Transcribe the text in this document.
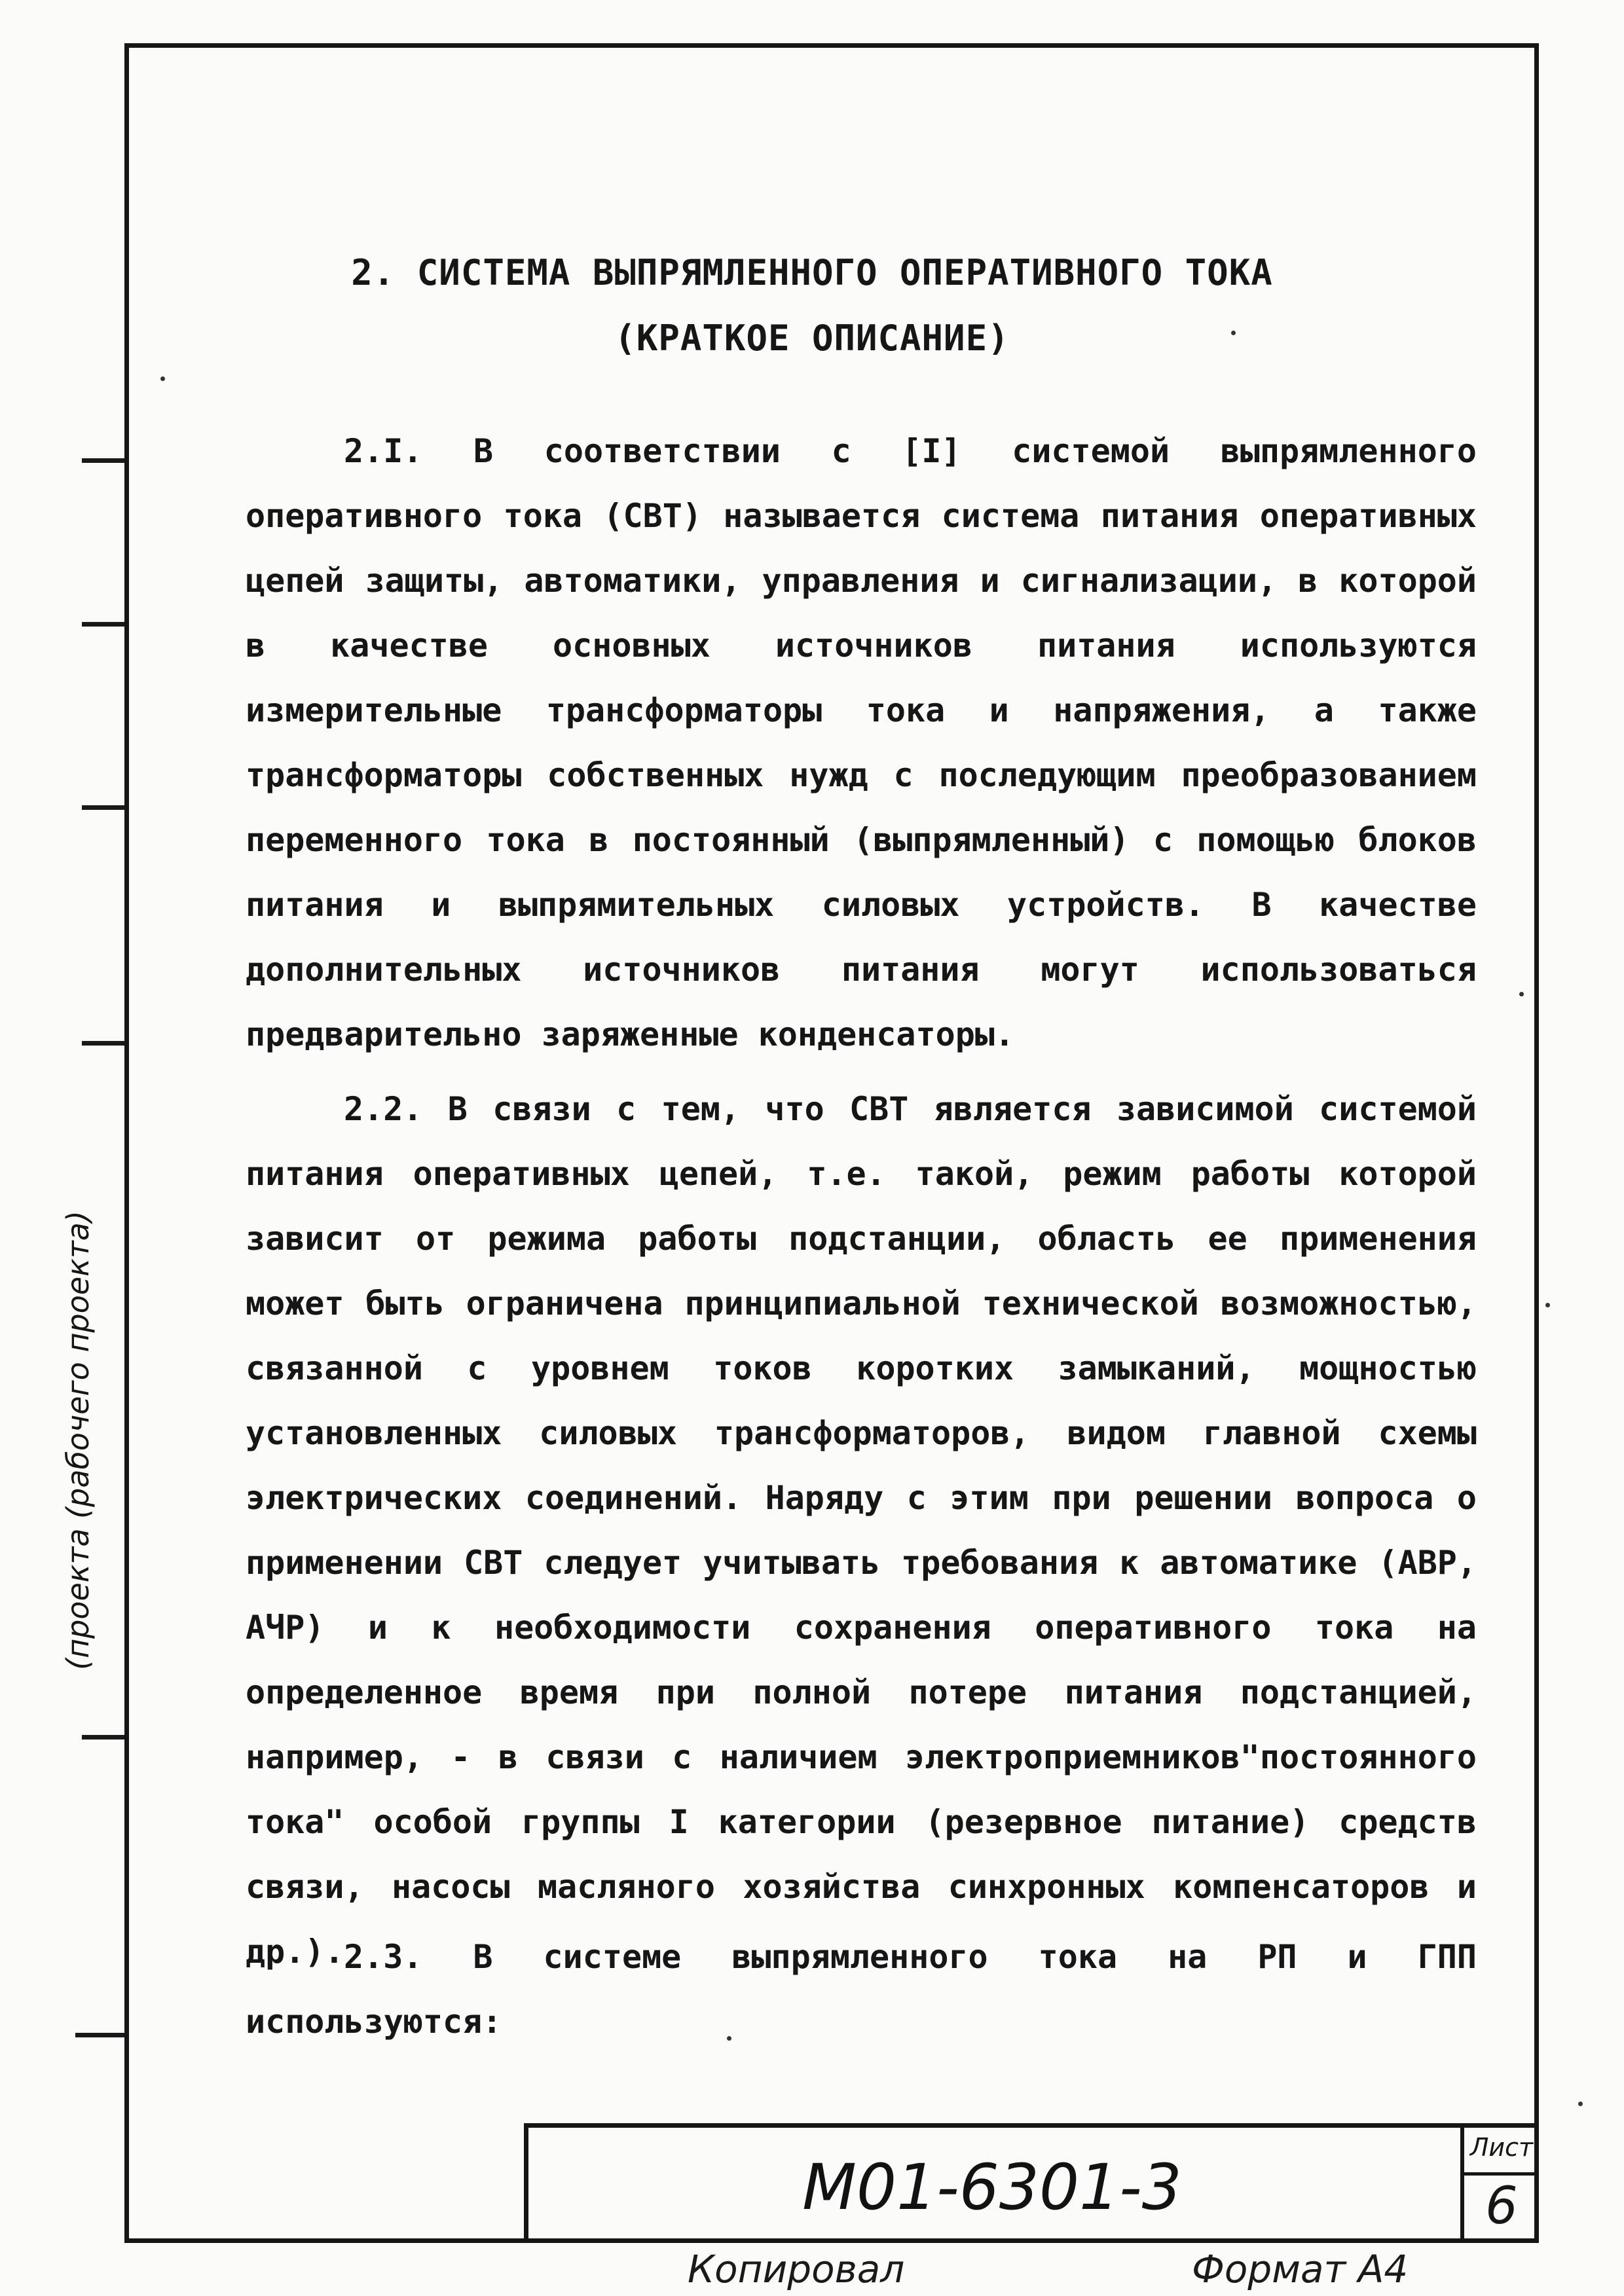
2. СИСТЕМА ВЫПРЯМЛЕННОГО ОПЕРАТИВНОГО ТОКА
(КРАТКОЕ ОПИСАНИЕ)

2.I. В соответствии с [I] системой выпрямленного оперативного тока (СВТ) называется система питания оперативных цепей защиты, автоматики, управления и сигнализации, в которой в качестве основных источников питания используются измерительные трансформаторы тока и напряжения, а также трансформаторы собственных нужд с последующим преобразованием переменного тока в постоянный (выпрямленный) с помощью блоков питания и выпрямительных силовых устройств. В качестве дополнительных источников питания могут использоваться предварительно заряженные конденсаторы.

2.2. В связи с тем, что СВТ является зависимой системой питания оперативных цепей, т.е. такой, режим работы которой зависит от режима работы подстанции, область ее применения может быть ограничена принципиальной технической возможностью, связанной с уровнем токов коротких замыканий, мощностью установленных силовых трансформаторов, видом главной схемы электрических соединений. Наряду с этим при решении вопроса о применении СВТ следует учитывать требования к автоматике (АВР, АЧР) и к необходимости сохранения оперативного тока на определенное время при полной потере питания подстанцией, например, - в связи с наличием электроприемников"постоянного тока" особой группы I категории (резервное питание) средств связи, насосы масляного хозяйства синхронных компенсаторов и др.). 2.3. В системе выпрямленного тока на РП и ГПП используются:

М01-6301-3
Лист
6
Копировал	Формат А4
(проекта (рабочего проекта)
